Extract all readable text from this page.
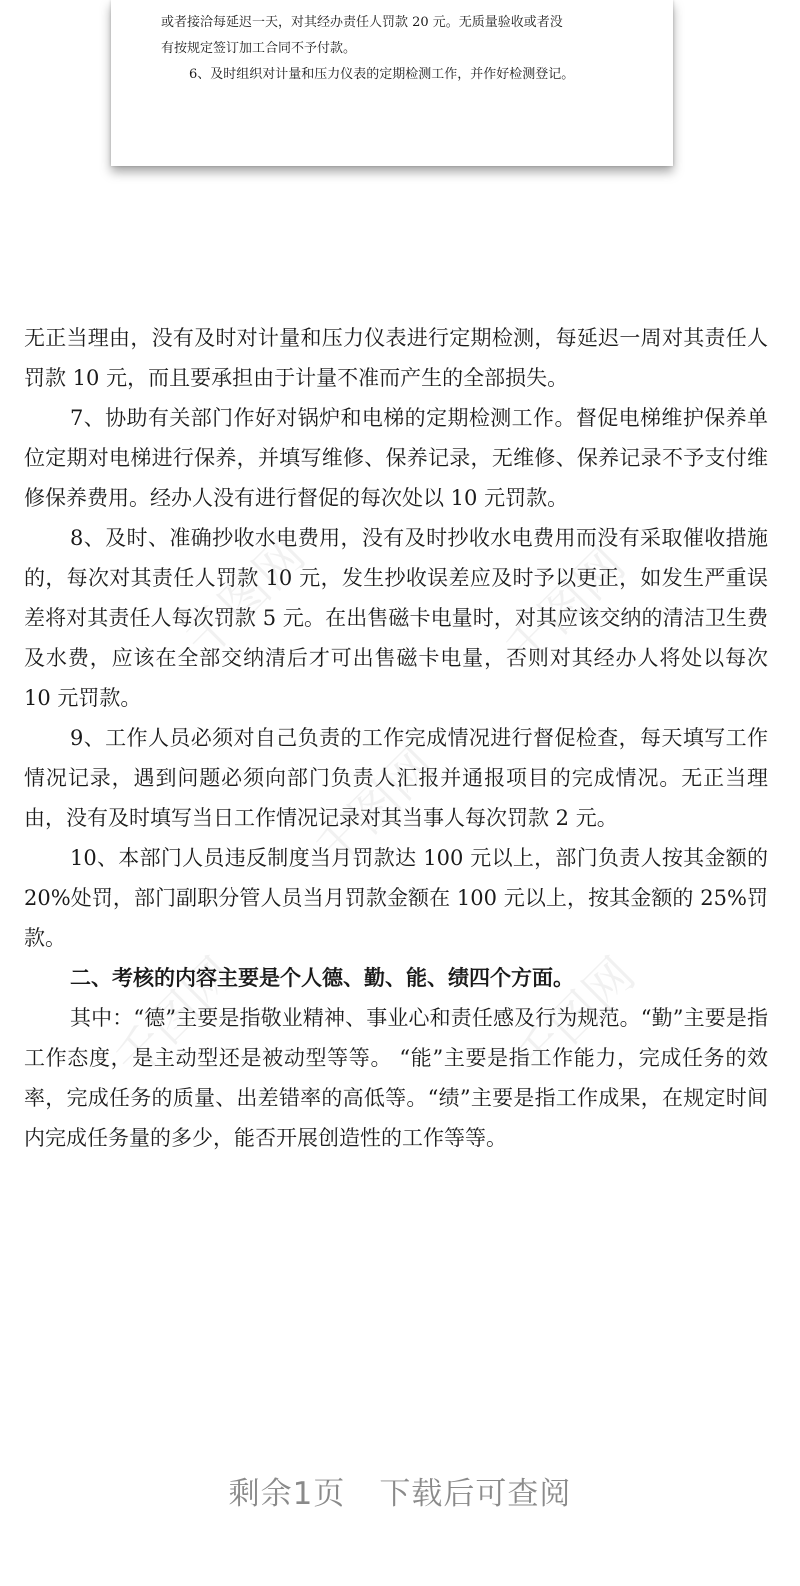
或者接洽每延迟一天，对其经办责任人罚款 20 元。无质量验收或者没

有按规定签订加工合同不予付款。

6、及时组织对计量和压力仪表的定期检测工作，并作好检测登记。

千图网	千图网
千图网
千图网
千图网

无正当理由，没有及时对计量和压力仪表进行定期检测，每延迟一周对其责任人罚款 10 元，而且要承担由于计量不准而产生的全部损失。

7、协助有关部门作好对锅炉和电梯的定期检测工作。督促电梯维护保养单位定期对电梯进行保养，并填写维修、保养记录，无维修、保养记录不予支付维修保养费用。经办人没有进行督促的每次处以 10 元罚款。

8、及时、准确抄收水电费用，没有及时抄收水电费用而没有采取催收措施的，每次对其责任人罚款 10 元，发生抄收误差应及时予以更正，如发生严重误差将对其责任人每次罚款 5 元。在出售磁卡电量时，对其应该交纳的清洁卫生费及水费，应该在全部交纳清后才可出售磁卡电量，否则对其经办人将处以每次 10 元罚款。

9、工作人员必须对自己负责的工作完成情况进行督促检查，每天填写工作情况记录，遇到问题必须向部门负责人汇报并通报项目的完成情况。无正当理由，没有及时填写当日工作情况记录对其当事人每次罚款 2 元。

10、本部门人员违反制度当月罚款达 100 元以上，部门负责人按其金额的 20%处罚，部门副职分管人员当月罚款金额在 100 元以上，按其金额的 25%罚款。

二、考核的内容主要是个人德、勤、能、绩四个方面。

其中：“德”主要是指敬业精神、事业心和责任感及行为规范。“勤”主要是指工作态度，是主动型还是被动型等等。 “能”主要是指工作能力，完成任务的效率，完成任务的质量、出差错率的高低等。“绩”主要是指工作成果，在规定时间内完成任务量的多少，能否开展创造性的工作等等。

剩余1页 下载后可查阅
